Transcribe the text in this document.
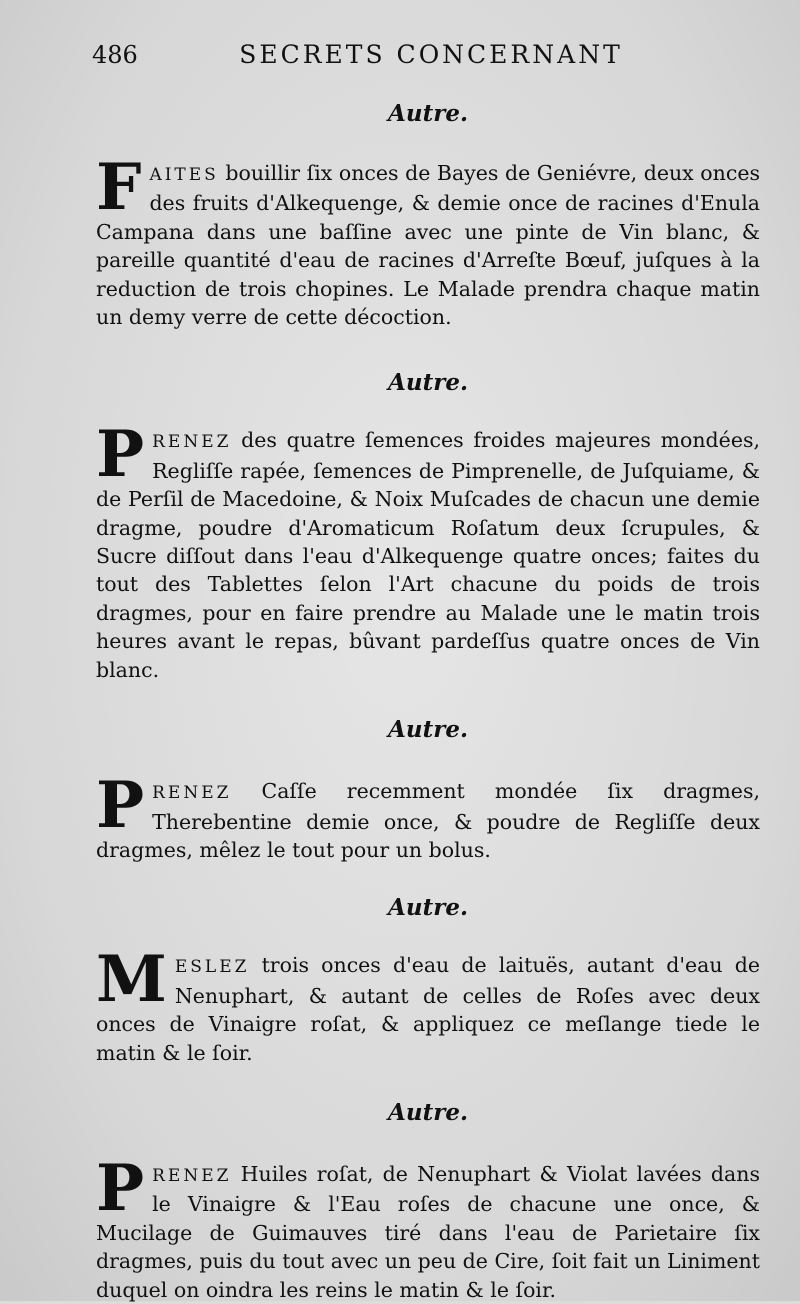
486	SECRETS CONCERNANT
Autre.
F AITES bouillir ſix onces de Bayes de Geniévre, deux onces des fruits d'Alkequenge, & demie once de racines d'Enula Campana dans une baſſine avec une pinte de Vin blanc, & pareille quantité d'eau de racines d'Arreſte Bœuf, juſques à la reduction de trois chopines. Le Malade prendra chaque matin un demy verre de cette décoction.
Autre.
P RENEZ des quatre ſemences froides majeures mondées, Regliſſe rapée, ſemences de Pimprenelle, de Juſquiame, & de Perſil de Macedoine, & Noix Muſcades de chacun une demie dragme, poudre d'Aromaticum Roſatum deux ſcrupules, & Sucre diſſout dans l'eau d'Alkequenge quatre onces; faites du tout des Tablettes ſelon l'Art chacune du poids de trois dragmes, pour en faire prendre au Malade une le matin trois heures avant le repas, bûvant pardeſſus quatre onces de Vin blanc.
Autre.
P RENEZ Caſſe recemment mondée ſix dragmes, Therebentine demie once, & poudre de Regliſſe deux dragmes, mêlez le tout pour un bolus.
Autre.
M ESLEZ trois onces d'eau de laituës, autant d'eau de Nenuphart, & autant de celles de Roſes avec deux onces de Vinaigre roſat, & appliquez ce meſlange tiede le matin & le ſoir.
Autre.
P RENEZ Huiles roſat, de Nenuphart & Violat lavées dans le Vinaigre & l'Eau roſes de chacune une once, & Mucilage de Guimauves tiré dans l'eau de Parietaire ſix dragmes, puis du tout avec un peu de Cire, ſoit fait un Liniment duquel on oindra les reins le matin & le ſoir.
